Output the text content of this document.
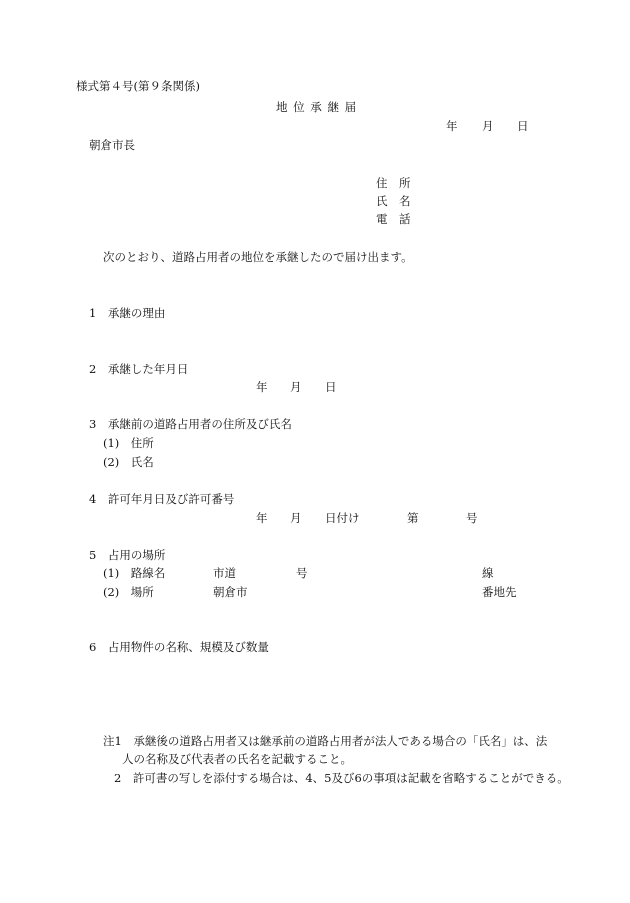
様式第４号(第９条関係)
地 位 承 継 届
年 月 日
朝倉市長
住　所
氏　名
電　話
次のとおり、道路占用者の地位を承継したので届け出ます。
1　承継の理由
2　承継した年月日
年 月 日
3　承継前の道路占用者の住所及び氏名
(1)　住所
(2)　氏名
4　許可年月日及び許可番号
年 月 日付け	第	号
5　占用の場所
(1)　路線名	市道	号	線
(2)　場所	朝倉市	番地先
6　占用物件の名称、規模及び数量
注1　承継後の道路占用者又は継承前の道路占用者が法人である場合の「氏名」は、法
人の名称及び代表者の氏名を記載すること。
2　許可書の写しを添付する場合は、4、5及び6の事項は記載を省略することができる。
